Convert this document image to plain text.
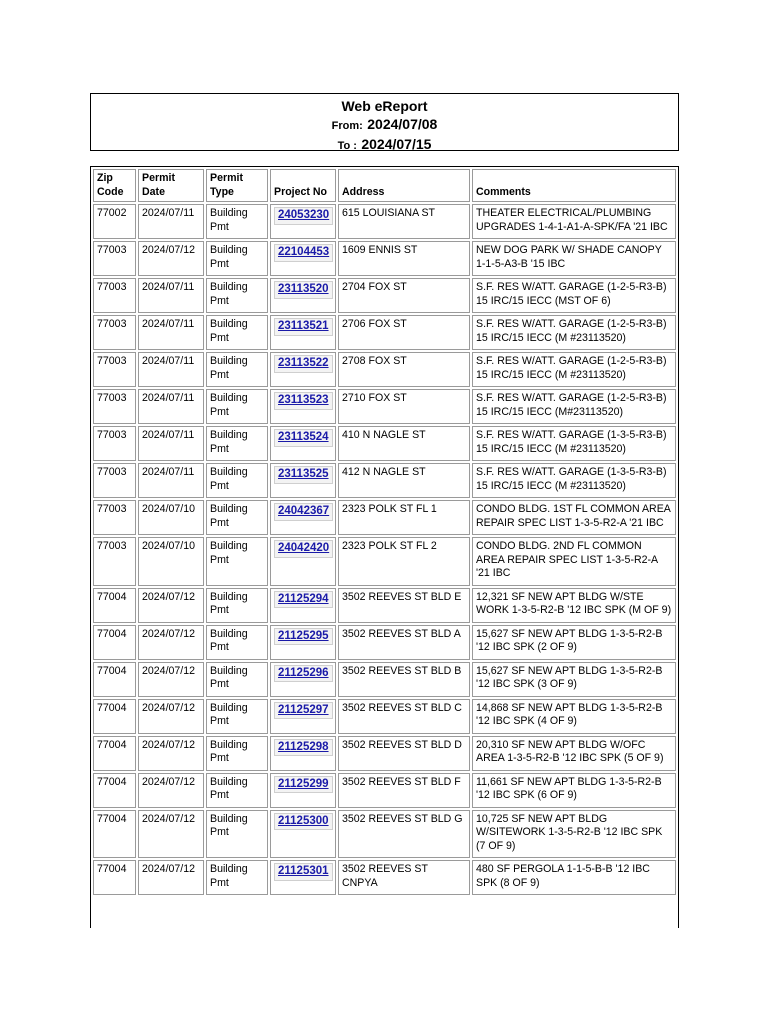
Web eReport
From: 2024/07/08
To : 2024/07/15
Zip Code	Permit Date	Permit Type	Project No	Address	Comments
77002	2024/07/11	Building Pmt	24053230	615 LOUISIANA ST	THEATER ELECTRICAL/PLUMBING UPGRADES 1-4-1-A1-A-SPK/FA '21 IBC
77003	2024/07/12	Building Pmt	22104453	1609 ENNIS ST	NEW DOG PARK W/ SHADE CANOPY 1-1-5-A3-B '15 IBC
77003	2024/07/11	Building Pmt	23113520	2704 FOX ST	S.F. RES W/ATT. GARAGE (1-2-5-R3-B) 15 IRC/15 IECC (MST OF 6)
77003	2024/07/11	Building Pmt	23113521	2706 FOX ST	S.F. RES W/ATT. GARAGE (1-2-5-R3-B) 15 IRC/15 IECC (M #23113520)
77003	2024/07/11	Building Pmt	23113522	2708 FOX ST	S.F. RES W/ATT. GARAGE (1-2-5-R3-B) 15 IRC/15 IECC (M #23113520)
77003	2024/07/11	Building Pmt	23113523	2710 FOX ST	S.F. RES W/ATT. GARAGE (1-2-5-R3-B) 15 IRC/15 IECC (M#23113520)
77003	2024/07/11	Building Pmt	23113524	410 N NAGLE ST	S.F. RES W/ATT. GARAGE (1-3-5-R3-B) 15 IRC/15 IECC (M #23113520)
77003	2024/07/11	Building Pmt	23113525	412 N NAGLE ST	S.F. RES W/ATT. GARAGE (1-3-5-R3-B) 15 IRC/15 IECC (M #23113520)
77003	2024/07/10	Building Pmt	24042367	2323 POLK ST FL 1	CONDO BLDG. 1ST FL COMMON AREA REPAIR SPEC LIST 1-3-5-R2-A '21 IBC
77003	2024/07/10	Building Pmt	24042420	2323 POLK ST FL 2	CONDO BLDG. 2ND FL COMMON AREA REPAIR SPEC LIST 1-3-5-R2-A '21 IBC
77004	2024/07/12	Building Pmt	21125294	3502 REEVES ST BLD E	12,321 SF NEW APT BLDG W/STE WORK 1-3-5-R2-B '12 IBC SPK (M OF 9)
77004	2024/07/12	Building Pmt	21125295	3502 REEVES ST BLD A	15,627 SF NEW APT BLDG 1-3-5-R2-B '12 IBC SPK (2 OF 9)
77004	2024/07/12	Building Pmt	21125296	3502 REEVES ST BLD B	15,627 SF NEW APT BLDG 1-3-5-R2-B '12 IBC SPK (3 OF 9)
77004	2024/07/12	Building Pmt	21125297	3502 REEVES ST BLD C	14,868 SF NEW APT BLDG 1-3-5-R2-B '12 IBC SPK (4 OF 9)
77004	2024/07/12	Building Pmt	21125298	3502 REEVES ST BLD D	20,310 SF NEW APT BLDG W/OFC AREA 1-3-5-R2-B '12 IBC SPK (5 OF 9)
77004	2024/07/12	Building Pmt	21125299	3502 REEVES ST BLD F	11,661 SF NEW APT BLDG 1-3-5-R2-B '12 IBC SPK (6 OF 9)
77004	2024/07/12	Building Pmt	21125300	3502 REEVES ST BLD G	10,725 SF NEW APT BLDG W/SITEWORK 1-3-5-R2-B '12 IBC SPK (7 OF 9)
77004	2024/07/12	Building Pmt	21125301	3502 REEVES ST CNPYA	480 SF PERGOLA 1-1-5-B-B '12 IBC SPK (8 OF 9)
